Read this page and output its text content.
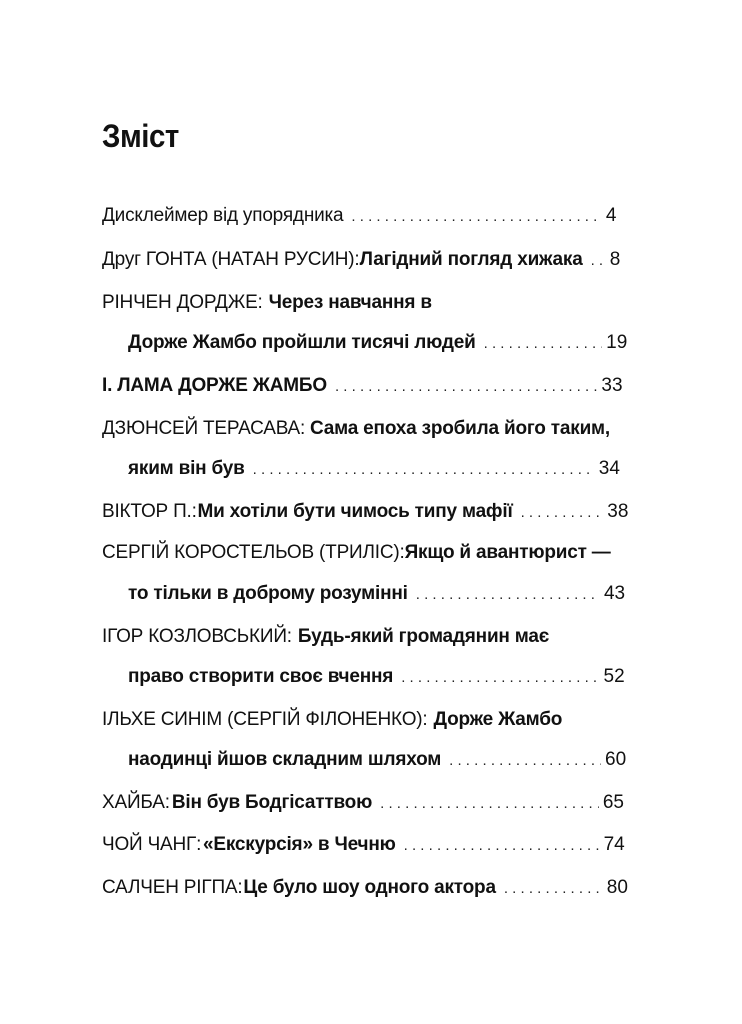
Зміст
Дисклеймер від упорядника . . .	4
Друг ГОНТА (НАТАН РУСИН): Лагідний погляд хижака . . . 8
РІНЧЕН ДОРДЖЕ: Через навчання в
Дорже Жамбо пройшли тисячі людей . . .	19
I. ЛАМА ДОРЖЕ ЖАМБО . . .	33
ДЗЮНСЕЙ ТЕРАСАВА: Сама епоха зробила його таким,
яким він був . . .	34
ВІКТОР П.: Ми хотіли бути чимось типу мафії . . .	38
СЕРГІЙ КОРОСТЕЛЬОВ (ТРИЛІС): Якщо й авантюрист —
то тільки в доброму розумінні . . .	43
ІГОР КОЗЛОВСЬКИЙ: Будь-який громадянин має
право створити своє вчення . . .	52
ІЛЬХЕ СИНІМ (СЕРГІЙ ФІЛОНЕНКО): Дорже Жамбо
наодинці йшов складним шляхом . . .	60
ХАЙБА: Він був Бодгісаттвою . . .	65
ЧОЙ ЧАНГ: «Екскурсія» в Чечню . . .	74
САЛЧЕН РІГПА: Це було шоу одного актора . . .	80
